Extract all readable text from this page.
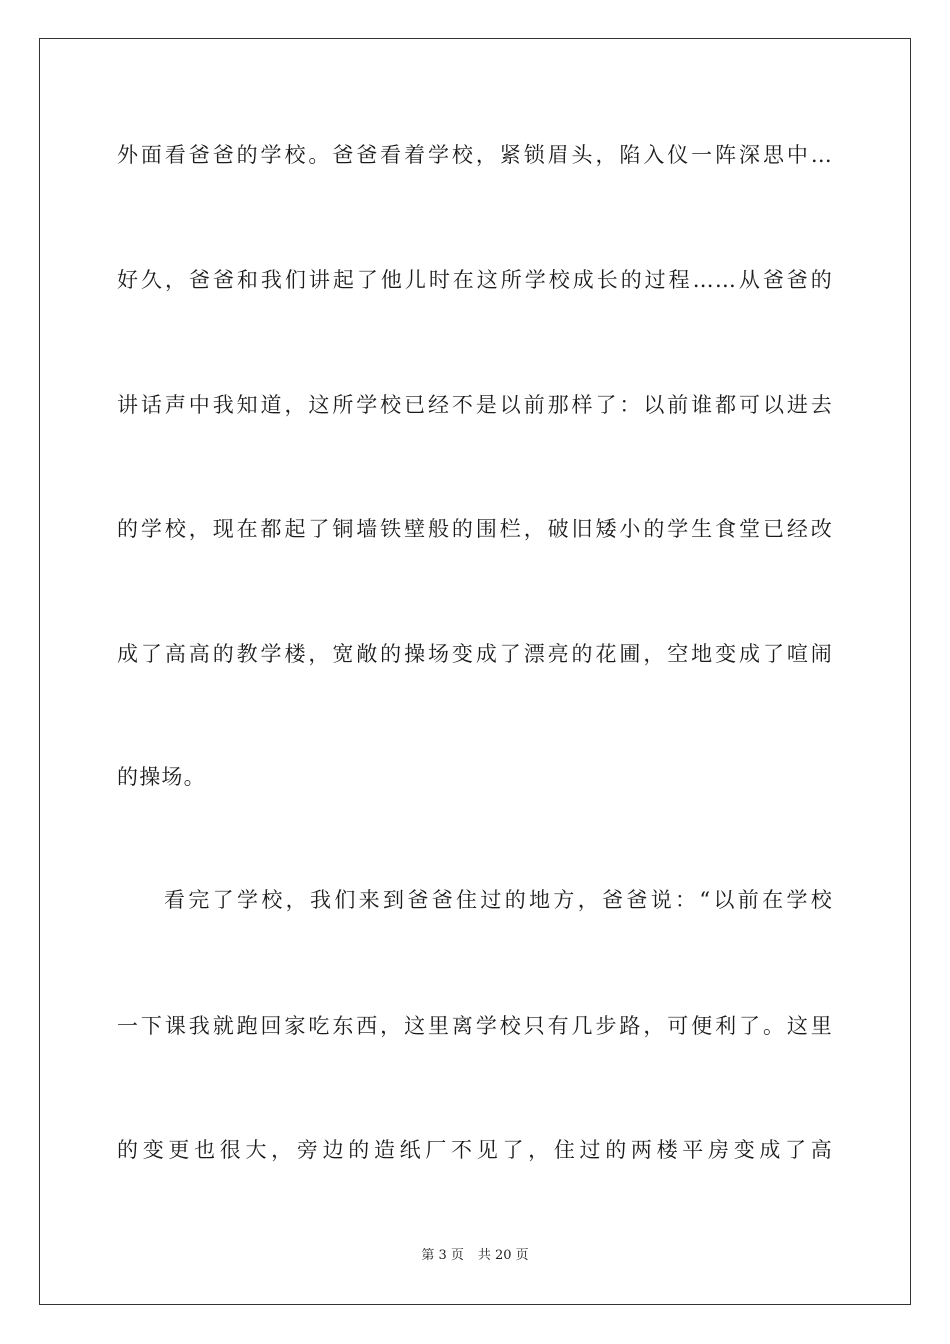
外面看爸爸的学校。爸爸看着学校，紧锁眉头，陷入仪一阵深思中…
好久，爸爸和我们讲起了他儿时在这所学校成长的过程……从爸爸的
讲话声中我知道，这所学校已经不是以前那样了：以前谁都可以进去
的学校，现在都起了铜墙铁壁般的围栏，破旧矮小的学生食堂已经改
成了高高的教学楼，宽敞的操场变成了漂亮的花圃，空地变成了喧闹
的操场。
看完了学校，我们来到爸爸住过的地方，爸爸说：“以前在学校
一下课我就跑回家吃东西，这里离学校只有几步路，可便利了。这里
的变更也很大，旁边的造纸厂不见了，住过的两楼平房变成了高
第 3 页 共 20 页
